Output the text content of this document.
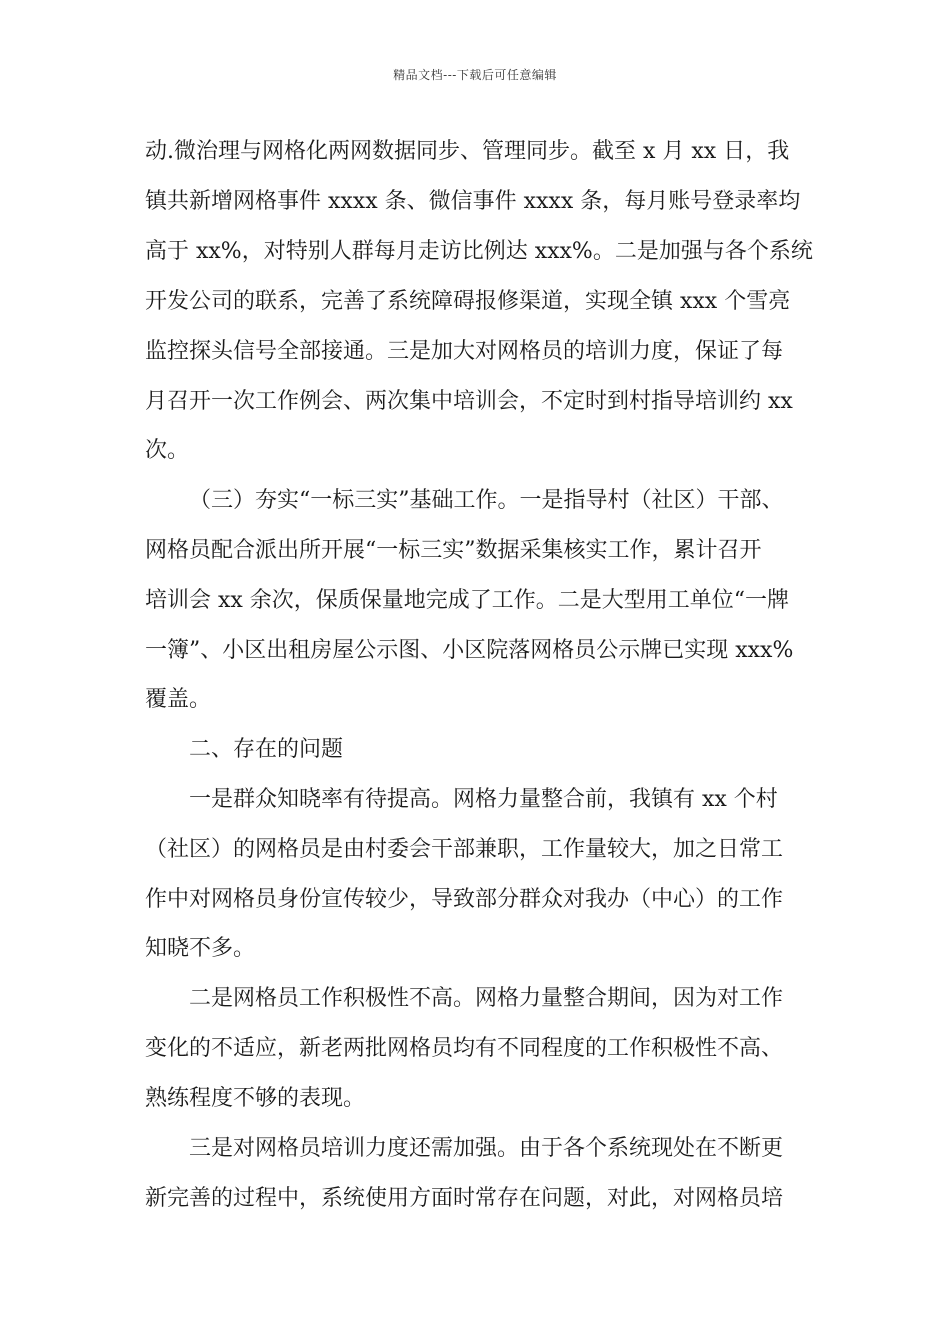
精品文档---下载后可任意编辑
动.微治理与网格化两网数据同步、管理同步。截至 x 月 xx 日，我
镇共新增网格事件 xxxx 条、微信事件 xxxx 条，每月账号登录率均
高于 xx%，对特别人群每月走访比例达 xxx%。二是加强与各个系统
开发公司的联系，完善了系统障碍报修渠道，实现全镇 xxx 个雪亮
监控探头信号全部接通。三是加大对网格员的培训力度，保证了每
月召开一次工作例会、两次集中培训会，不定时到村指导培训约 xx
次。
（三）夯实“一标三实”基础工作。一是指导村（社区）干部、
网格员配合派出所开展“一标三实”数据采集核实工作，累计召开
培训会 xx 余次，保质保量地完成了工作。二是大型用工单位“一牌
一簿”、小区出租房屋公示图、小区院落网格员公示牌已实现 xxx%
覆盖。
二、存在的问题
一是群众知晓率有待提高。网格力量整合前，我镇有 xx 个村
（社区）的网格员是由村委会干部兼职，工作量较大，加之日常工
作中对网格员身份宣传较少，导致部分群众对我办（中心）的工作
知晓不多。
二是网格员工作积极性不高。网格力量整合期间，因为对工作
变化的不适应，新老两批网格员均有不同程度的工作积极性不高、
熟练程度不够的表现。
三是对网格员培训力度还需加强。由于各个系统现处在不断更
新完善的过程中，系统使用方面时常存在问题，对此，对网格员培
